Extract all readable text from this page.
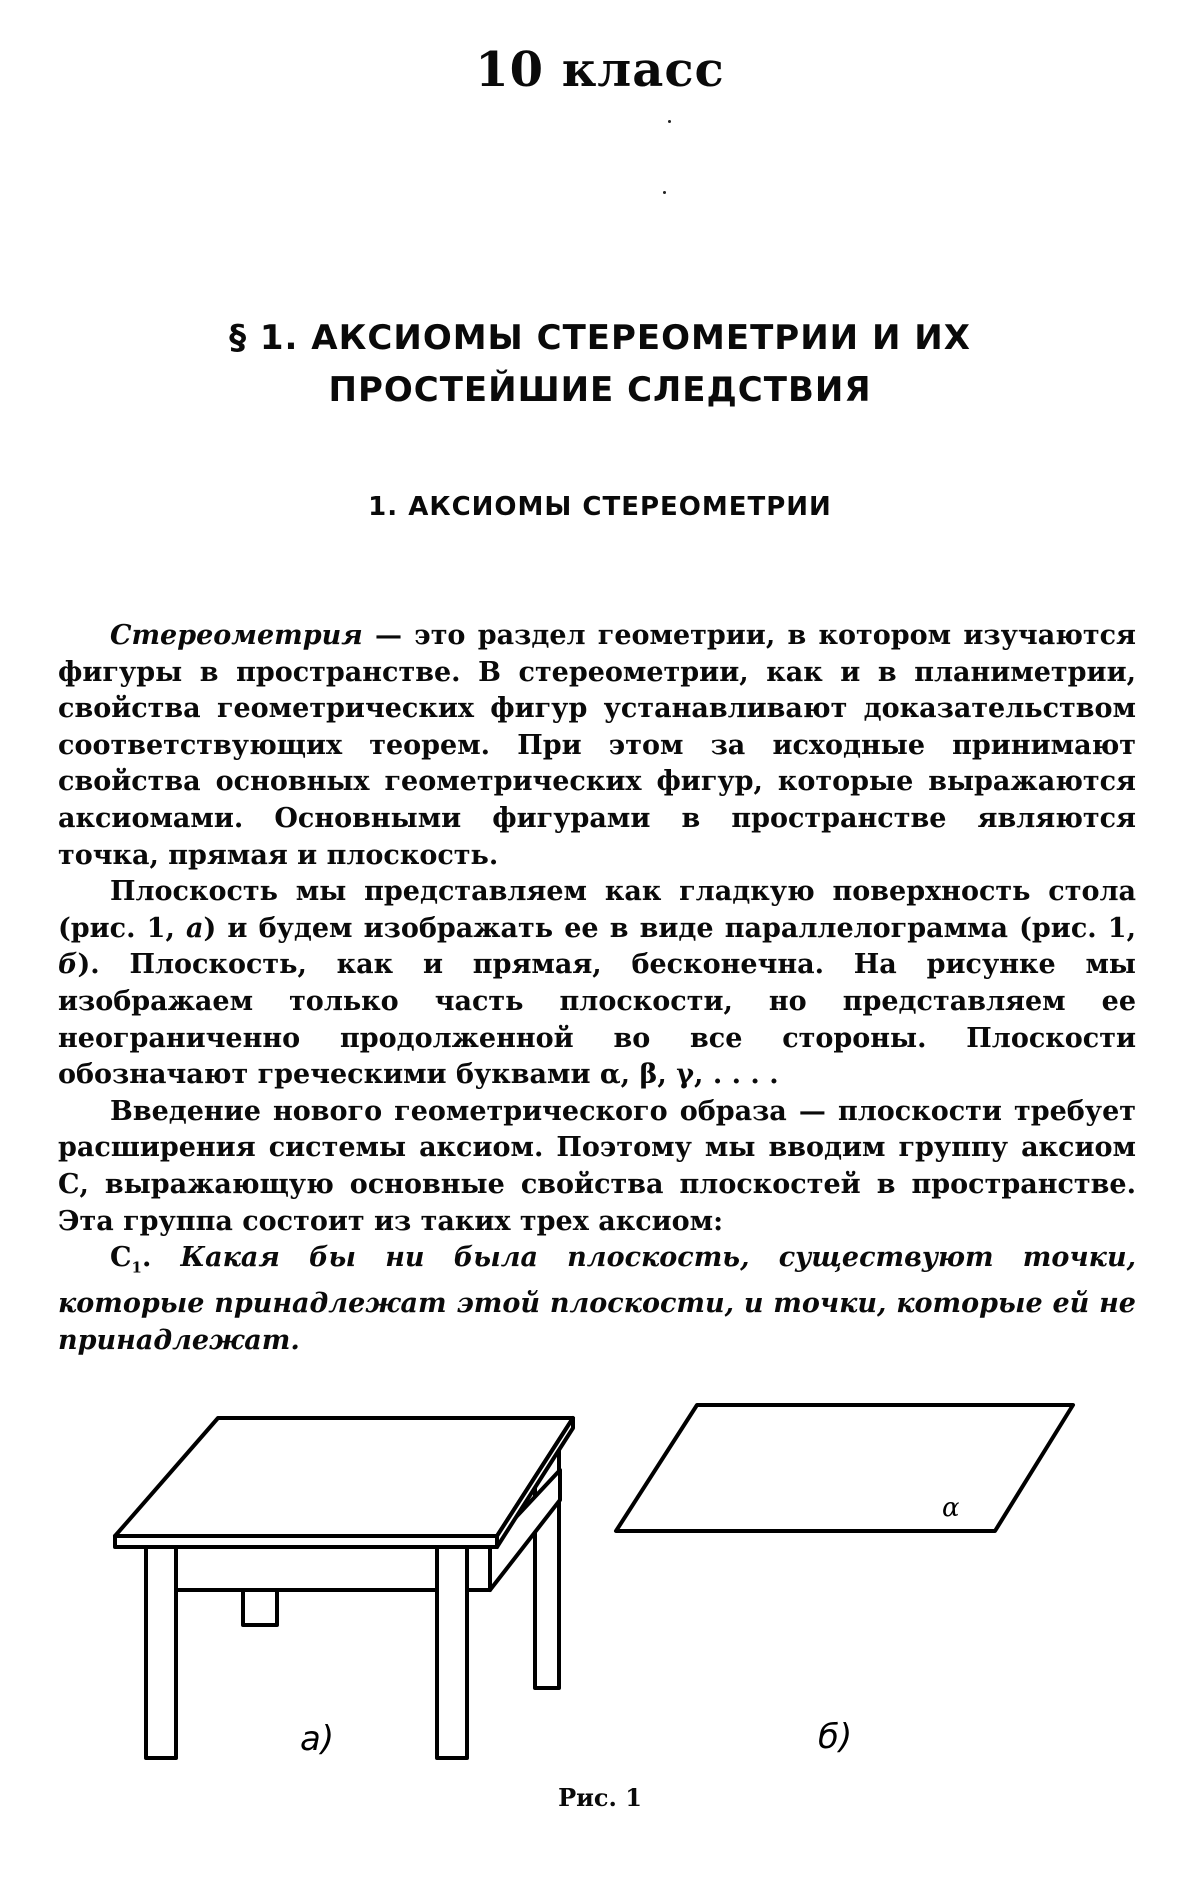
10 класс
§ 1. АКСИОМЫ СТЕРЕОМЕТРИИ И ИХ
ПРОСТЕЙШИЕ СЛЕДСТВИЯ
1. АКСИОМЫ СТЕРЕОМЕТРИИ

Стереометрия — это раздел геометрии, в котором изучаются фигуры в пространстве. В стереометрии, как и в планиметрии, свойства геометрических фигур устанавливают доказательством соответствующих теорем. При этом за исходные принимают свойства основных геометрических фигур, которые выражаются аксиомами. Основными фигурами в пространстве являются точка, прямая и плоскость.

Плоскость мы представляем как гладкую поверхность стола (рис. 1, а) и будем изображать ее в виде параллелограмма (рис. 1, б). Плоскость, как и прямая, бесконечна. На рисунке мы изображаем только часть плоскости, но представляем ее неограниченно продолженной во все стороны. Плоскости обозначают греческими буквами α, β, γ, . . . .

Введение нового геометрического образа — плоскости требует расширения системы аксиом. Поэтому мы вводим группу аксиом С, выражающую основные свойства плоскостей в пространстве. Эта группа состоит из таких трех аксиом:

$C_1$. Какая бы ни была плоскость, существуют точки, которые принадлежат этой плоскости, и точки, которые ей не принадлежат.

α
а)	б)
Рис. 1
